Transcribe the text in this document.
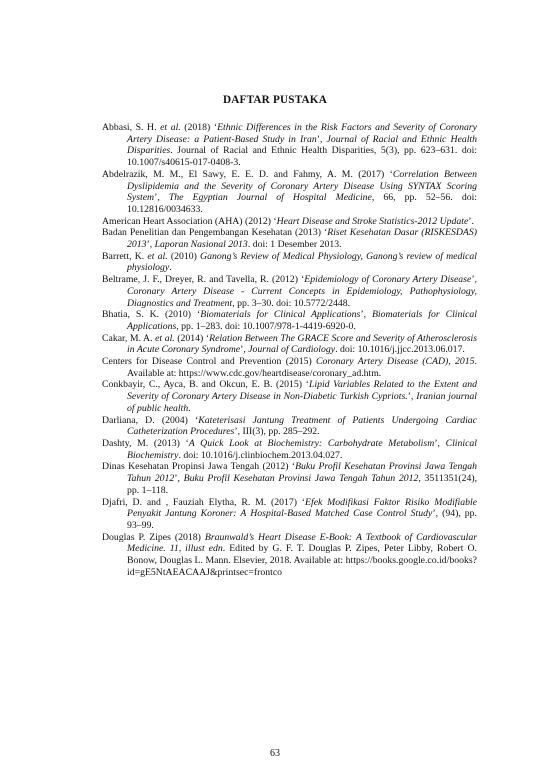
DAFTAR PUSTAKA
Abbasi, S. H. et al. (2018) ‘Ethnic Differences in the Risk Factors and Severity of Coronary Artery Disease: a Patient-Based Study in Iran’, Journal of Racial and Ethnic Health Disparities. Journal of Racial and Ethnic Health Disparities, 5(3), pp. 623–631. doi: 10.1007/s40615-017-0408-3.
Abdelrazik, M. M., El Sawy, E. E. D. and Fahmy, A. M. (2017) ‘Correlation Between Dyslipidemia and the Severity of Coronary Artery Disease Using SYNTAX Scoring System’, The Egyptian Journal of Hospital Medicine, 66, pp. 52–56. doi: 10.12816/0034633.
American Heart Association (AHA) (2012) ‘Heart Disease and Stroke Statistics-2012 Update’.
Badan Penelitian dan Pengembangan Kesehatan (2013) ‘Riset Kesehatan Dasar (RISKESDAS) 2013’, Laporan Nasional 2013. doi: 1 Desember 2013.
Barrett, K. et al. (2010) Ganong’s Review of Medical Physiology, Ganong’s review of medical physiology.
Beltrame, J. F., Dreyer, R. and Tavella, R. (2012) ‘Epidemiology of Coronary Artery Disease’, Coronary Artery Disease - Current Concepts in Epidemiology, Pathophysiology, Diagnostics and Treatment, pp. 3–30. doi: 10.5772/2448.
Bhatia, S. K. (2010) ‘Biomaterials for Clinical Applications’, Biomaterials for Clinical Applications, pp. 1–283. doi: 10.1007/978-1-4419-6920-0.
Cakar, M. A. et al. (2014) ‘Relation Between The GRACE Score and Severity of Atherosclerosis in Acute Coronary Syndrome’, Journal of Cardiology. doi: 10.1016/j.jjcc.2013.06.017.
Centers for Disease Control and Prevention (2015) Coronary Artery Disease (CAD), 2015. Available at: https://www.cdc.gov/heartdisease/coronary_ad.htm.
Conkbayir, C., Ayca, B. and Okcun, E. B. (2015) ‘Lipid Variables Related to the Extent and Severity of Coronary Artery Disease in Non-Diabetic Turkish Cypriots.’, Iranian journal of public health.
Darliana, D. (2004) ‘Kateterisasi Jantung Treatment of Patients Undergoing Cardiac Catheterization Procedures’, III(3), pp. 285–292.
Dashty, M. (2013) ‘A Quick Look at Biochemistry: Carbohydrate Metabolism’, Clinical Biochemistry. doi: 10.1016/j.clinbiochem.2013.04.027.
Dinas Kesehatan Propinsi Jawa Tengah (2012) ‘Buku Profil Kesehatan Provinsi Jawa Tengah Tahun 2012’, Buku Profil Kesehatan Provinsi Jawa Tengah Tahun 2012, 3511351(24), pp. 1–118.
Djafri, D. and , Fauziah Elytha, R. M. (2017) ‘Efek Modifikasi Faktor Risiko Modifiable Penyakit Jantung Koroner: A Hospital-Based Matched Case Control Study’, (94), pp. 93–99.
Douglas P. Zipes (2018) Braunwald’s Heart Disease E-Book: A Textbook of Cardiovascular Medicine. 11, illust edn. Edited by G. F. T. Douglas P. Zipes, Peter Libby, Robert O. Bonow, Douglas L. Mann. Elsevier, 2018. Available at: https://books.google.co.id/books?id=gE5NtAEACAAJ&printsec=frontco
63
